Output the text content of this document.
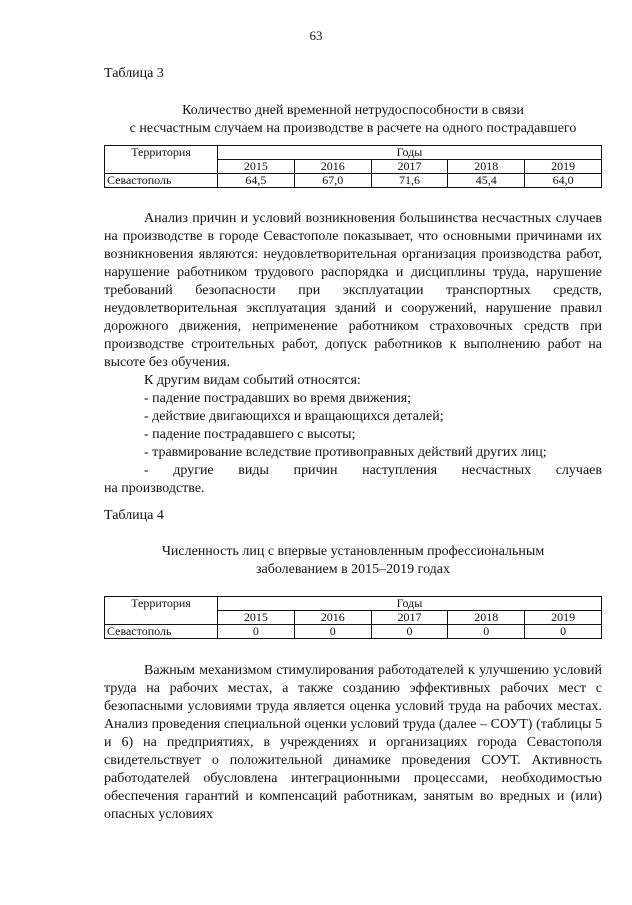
63
Таблица 3
Количество дней временной нетрудоспособности в связи
с несчастным случаем на производстве в расчете на одного пострадавшего
Территория	Годы				
	2015	2016	2017	2018	2019
Севастополь	64,5	67,0	71,6	45,4	64,0

Анализ причин и условий возникновения большинства несчастных случаев на производстве в городе Севастополе показывает, что основными причинами их возникновения являются: неудовлетворительная организация производства работ, нарушение работником трудового распорядка и дисциплины труда, нарушение требований безопасности при эксплуатации транспортных средств, неудовлетворительная эксплуатация зданий и сооружений, нарушение правил дорожного движения, неприменение работником страховочных средств при производстве строительных работ, допуск работников к выполнению работ на высоте без обучения.

К другим видам событий относятся:
- падение пострадавших во время движения;
- действие двигающихся и вращающихся деталей;
- падение пострадавшего с высоты;
- травмирование вследствие противоправных действий других лиц;
- другие виды причин наступления несчастных случаев
на производстве.
Таблица 4
Численность лиц с впервые установленным профессиональным
заболеванием в 2015–2019 годах
Территория	Годы				
	2015	2016	2017	2018	2019
Севастополь	0	0	0	0	0

Важным механизмом стимулирования работодателей к улучшению условий труда на рабочих местах, а также созданию эффективных рабочих мест с безопасными условиями труда является оценка условий труда на рабочих местах. Анализ проведения специальной оценки условий труда (далее – СОУТ) (таблицы 5 и 6) на предприятиях, в учреждениях и организациях города Севастополя свидетельствует о положительной динамике проведения СОУТ. Активность работодателей обусловлена интеграционными процессами, необходимостью обеспечения гарантий и компенсаций работникам, занятым во вредных и (или) опасных условиях
